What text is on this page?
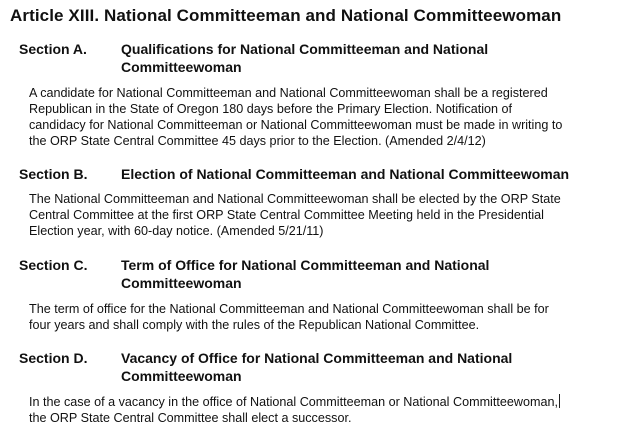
Article XIII. National Committeeman and National Committeewoman
Section A. Qualifications for National Committeeman and National
Committeewoman
A candidate for National Committeeman and National Committeewoman shall be a registered
Republican in the State of Oregon 180 days before the Primary Election. Notification of
candidacy for National Committeeman or National Committeewoman must be made in writing to
the ORP State Central Committee 45 days prior to the Election. (Amended 2/4/12)
Section B. Election of National Committeeman and National Committeewoman
The National Committeeman and National Committeewoman shall be elected by the ORP State
Central Committee at the first ORP State Central Committee Meeting held in the Presidential
Election year, with 60-day notice. (Amended 5/21/11)
Section C. Term of Office for National Committeeman and National
Committeewoman
The term of office for the National Committeeman and National Committeewoman shall be for
four years and shall comply with the rules of the Republican National Committee.
Section D. Vacancy of Office for National Committeeman and National
Committeewoman
In the case of a vacancy in the office of National Committeeman or National Committeewoman,
the ORP State Central Committee shall elect a successor.
